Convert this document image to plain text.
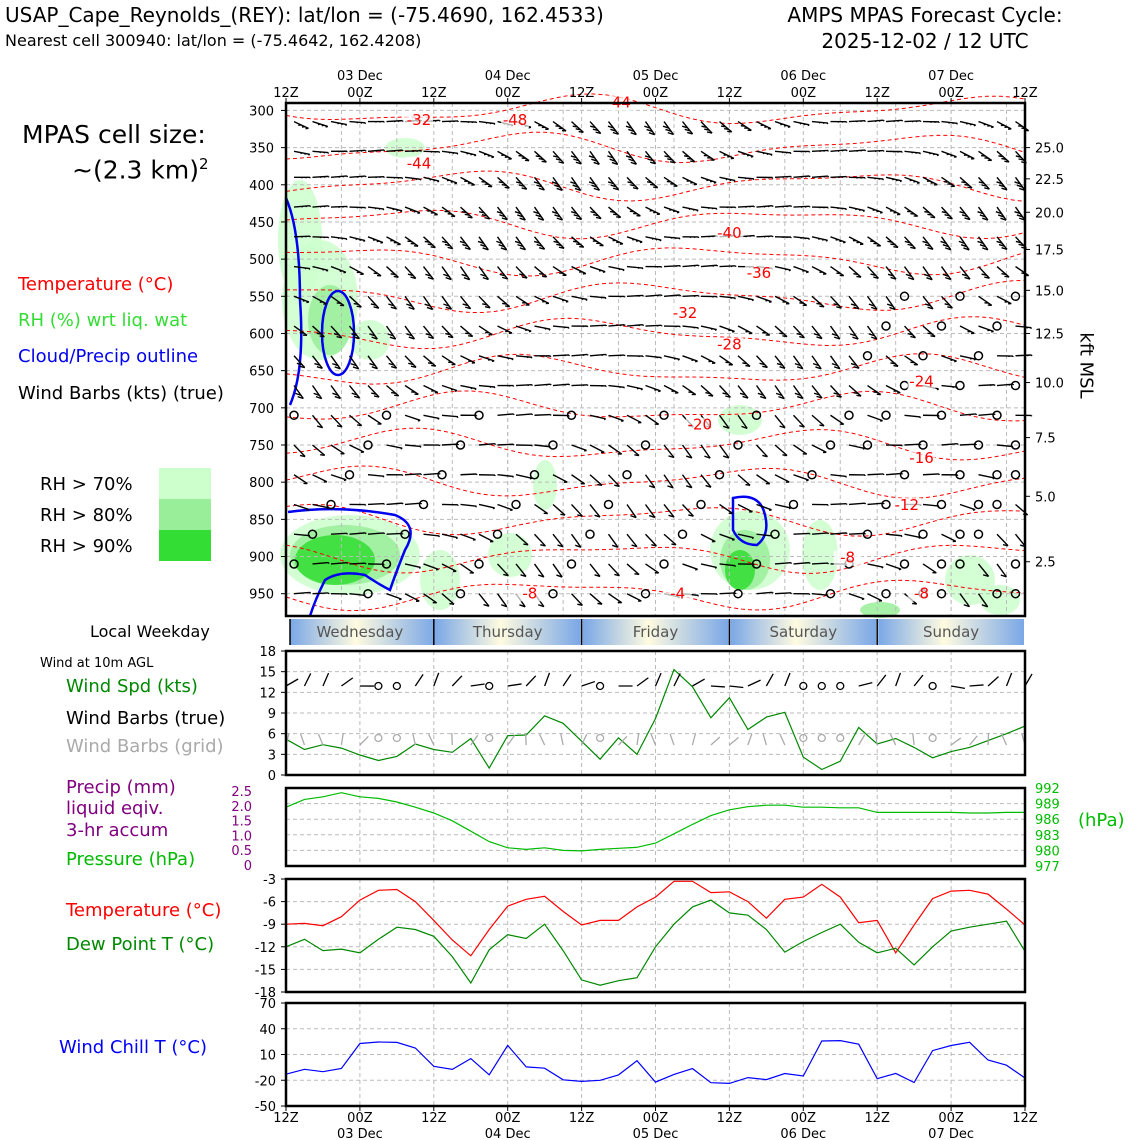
USAP_Cape_Reynolds_(REY): lat/lon = (-75.4690, 162.4533)
Nearest cell 300940: lat/lon = (-75.4642, 162.4208)
AMPS MPAS Forecast Cycle:
2025-12-02 / 12 UTC
MPAS cell size:
~(2.3 km)$^2$
Temperature (°C)
RH (%) wrt liq. wat
Cloud/Precip outline
Wind Barbs (kts) (true)
RH > 70%
RH > 80%
RH > 90%
Local Weekday
Wind at 10m AGL
Wind Spd (kts)
Wind Barbs (true)
Wind Barbs (grid)
Precip (mm)
liquid eqiv.
3-hr accum
Pressure (hPa)
Temperature (°C)
Dew Point T (°C)
Wind Chill T (°C)
(hPa)
kft MSL
-44
-32	-48
-44
-40
-36
-32
-28
-24
-20
-16
-12
-8
-8
-8	-4
300
350
400
450
500
550
600
650
700
750
800
850
900
950
25.0
22.5
20.0
17.5
15.0
12.5
10.0
7.5
5.0
2.5
12Z	00Z	12Z	00Z	12Z	00Z	12Z	00Z	12Z	00Z	12Z
03 Dec	04 Dec	05 Dec	06 Dec	07 Dec
Wednesday	Thursday	Friday	Saturday	Sunday
0
3
6
9
12
15
18
992
989
986
983
980
977
2.5
2.0
1.5
1.0
0.5
0
-3
-6
-9
-12
-15
-18
70
40
10
-20
-50
12Z	00Z	12Z	00Z	12Z	00Z	12Z	00Z	12Z	00Z	12Z
03 Dec	04 Dec	05 Dec	06 Dec	07 Dec
